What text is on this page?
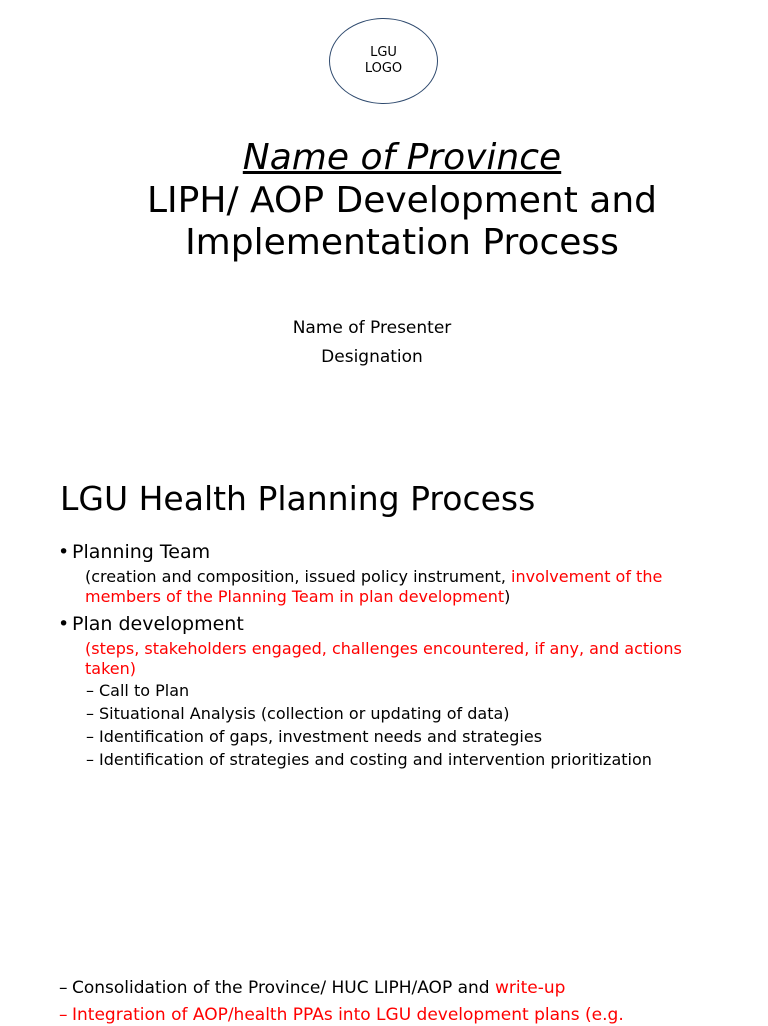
LGU
LOGO
Name of Province
LIPH/ AOP Development and
Implementation Process
Name of Presenter
Designation
LGU Health Planning Process
• Planning Team
(creation and composition, issued policy instrument, involvement of the members of the Planning Team in plan development)
• Plan development
(steps, stakeholders engaged, challenges encountered, if any, and actions taken)
– Call to Plan
– Situational Analysis (collection or updating of data)
– Identification of gaps, investment needs and strategies
– Identification of strategies and costing and intervention prioritization
– Consolidation of the Province/ HUC LIPH/AOP and write-up
– Integration of AOP/health PPAs into LGU development plans (e.g.
